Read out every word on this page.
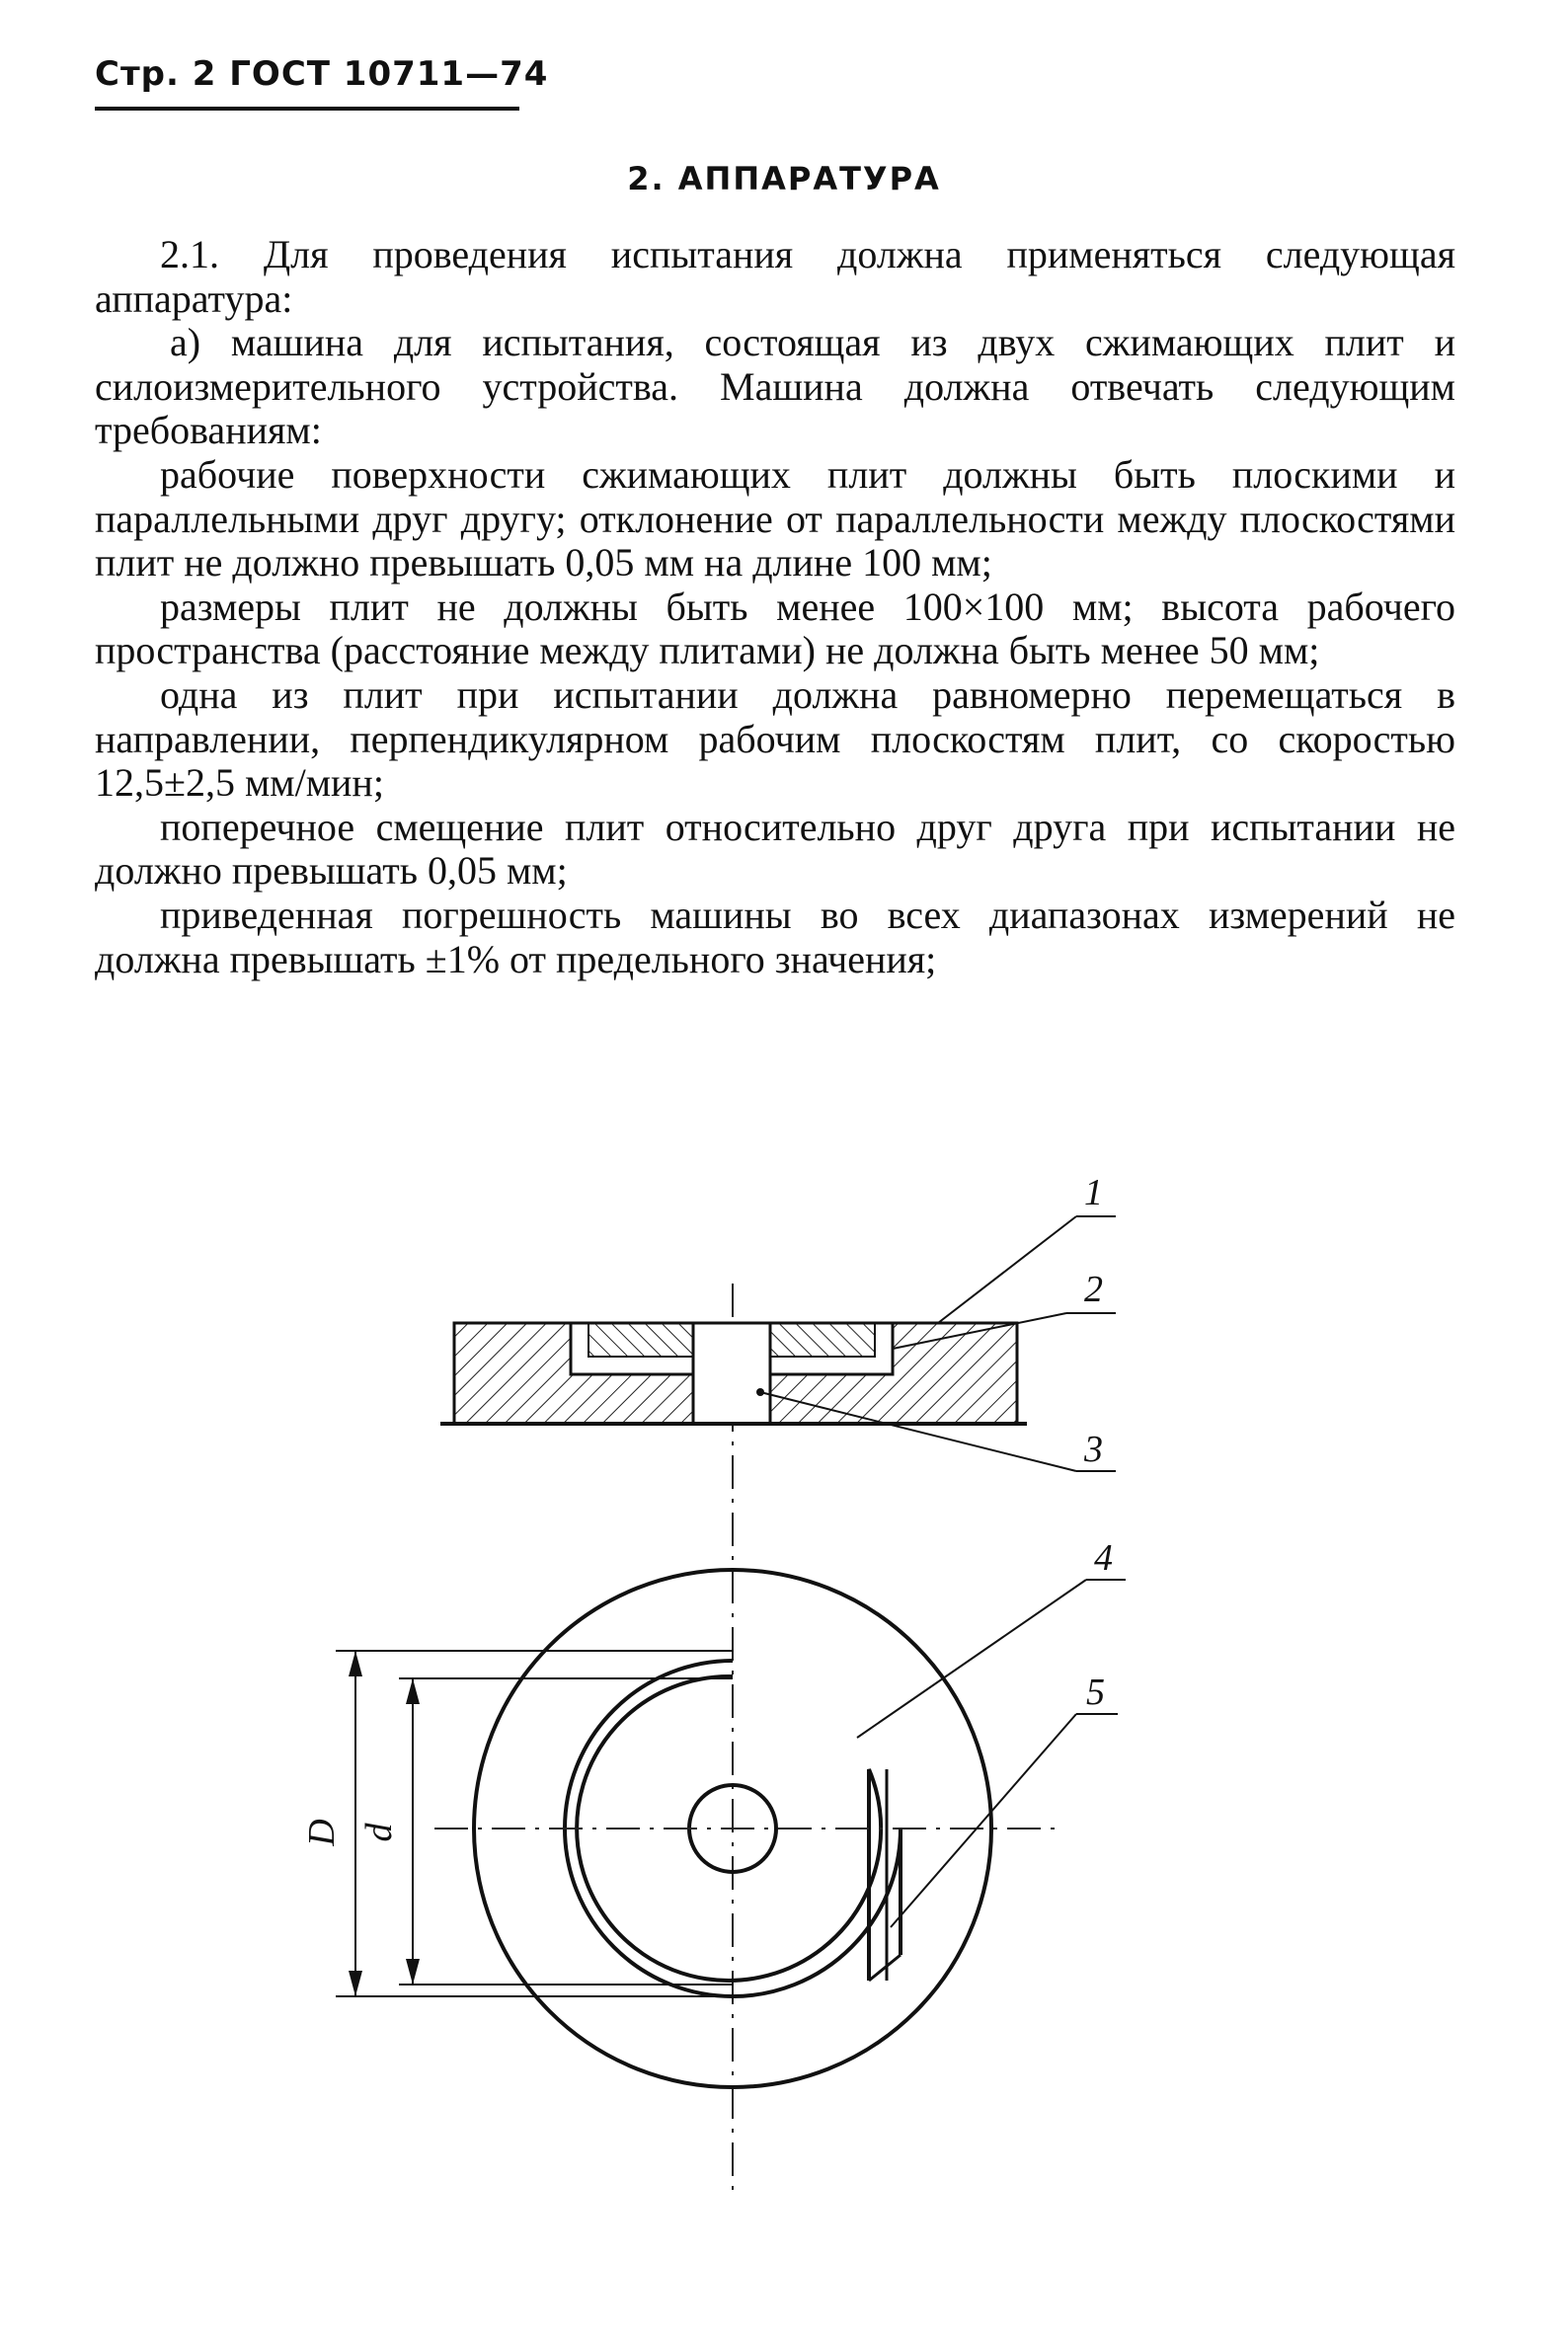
Стр. 2 ГОСТ 10711—74
2. АППАРАТУРА

2.1. Для проведения испытания должна применяться следующая аппаратура:

а) машина для испытания, состоящая из двух сжимающих плит и силоизмерительного устройства. Машина должна отвечать следующим требованиям:

рабочие поверхности сжимающих плит должны быть плоскими и параллельными друг другу; отклонение от параллельности между плоскостями плит не должно превышать 0,05 мм на длине 100 мм;

размеры плит не должны быть менее 100×100 мм; высота рабочего пространства (расстояние между плитами) не должна быть менее 50 мм;

одна из плит при испытании должна равномерно перемещаться в направлении, перпендикулярном рабочим плоскостям плит, со скоростью 12,5±2,5 мм/мин;

поперечное смещение плит относительно друг друга при испытании не должно превышать 0,05 мм;

приведенная погрешность машины во всех диапазонах измерений не должна превышать ±1% от предельного значения;

D d
1
2
3
4
5
